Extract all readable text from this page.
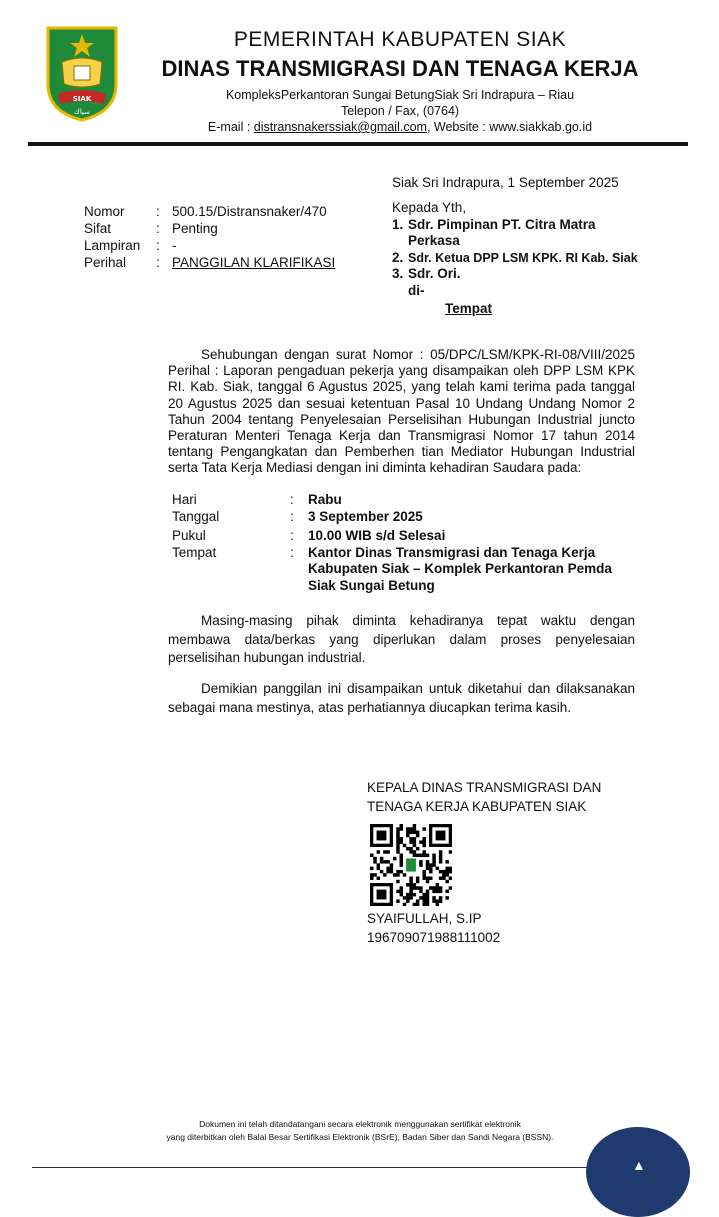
SIAK
سياك
PEMERINTAH KABUPATEN SIAK
DINAS TRANSMIGRASI DAN TENAGA KERJA
KompleksPerkantoran Sungai BetungSiak Sri Indrapura – Riau
Telepon / Fax, (0764)
E-mail : distransnakerssiak@gmail.com, Website : www.siakkab.go.id
Siak Sri Indrapura, 1 September 2025
Nomor	: 500.15/Distransnaker/470
Sifat	: Penting
Lampiran	: -
Perihal	: PANGGILAN KLARIFIKASI
Kepada Yth,
1. Sdr. Pimpinan PT. Citra Matra
Perkasa
2. Sdr. Ketua DPP LSM KPK. RI Kab. Siak
3. Sdr. Ori.
di-
Tempat
Sehubungan dengan surat Nomor : 05/DPC/LSM/KPK-RI-08/VIII/2025 Perihal : Laporan pengaduan pekerja yang disampaikan oleh DPP LSM KPK RI. Kab. Siak, tanggal 6 Agustus 2025, yang telah kami terima pada tanggal 20 Agustus 2025 dan sesuai ketentuan Pasal 10 Undang Undang Nomor 2 Tahun 2004 tentang Penyelesaian Perselisihan Hubungan Industrial juncto Peraturan Menteri Tenaga Kerja dan Transmigrasi Nomor 17 tahun 2014 tentang Pengangkatan dan Pemberhen tian Mediator Hubungan Industrial serta Tata Kerja Mediasi dengan ini diminta kehadiran Saudara pada:
Hari	:	Rabu
Tanggal	:	3 September 2025
Pukul	:	10.00 WIB s/d Selesai
Tempat	:	Kantor Dinas Transmigrasi dan Tenaga Kerja Kabupaten Siak – Komplek Perkantoran Pemda Siak Sungai Betung
Masing-masing pihak diminta kehadiranya tepat waktu dengan membawa data/berkas yang diperlukan dalam proses penyelesaian perselisihan hubungan industrial.
Demikian panggilan ini disampaikan untuk diketahui dan dilaksanakan sebagai mana mestinya, atas perhatiannya diucapkan terima kasih.
KEPALA DINAS TRANSMIGRASI DAN
TENAGA KERJA KABUPATEN SIAK
SYAIFULLAH, S.IP
196709071988111002
Dokumen ini telah ditandatangani secara elektronik menggunakan sertifikat elektronik
yang diterbitkan oleh Balai Besar Sertifikasi Elektronik (BSrE), Badan Siber dan Sandi Negara (BSSN).
▲
